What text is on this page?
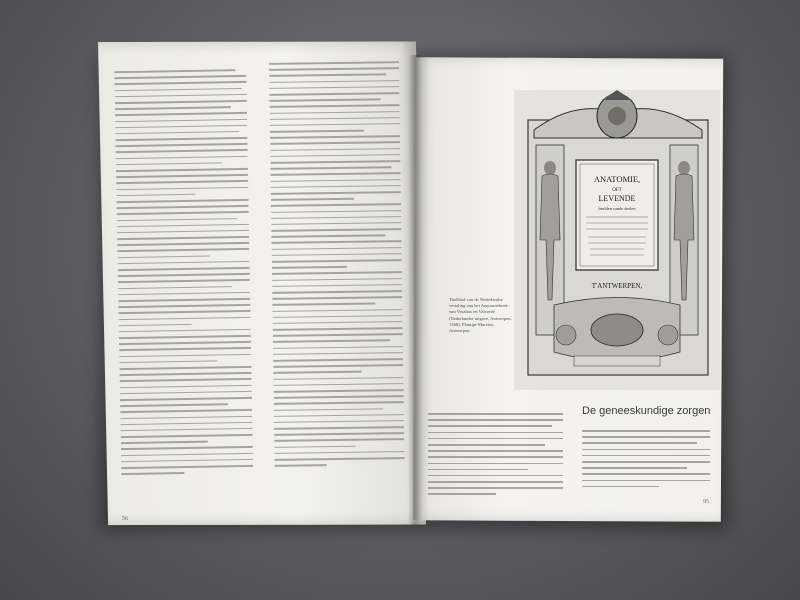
De geneeskundige zorgen
Titelblad van de Nederlandse vertaling van het Anatomieboek van Vesalius en Valverde (Nederlandse uitgave, Antwerpen, 1568). Plantijn-Moretus, Antwerpen.
ANATOMIE,
OFT
LEVENDE
beelden vande deelen
T'ANTWERPEN,
56
95
